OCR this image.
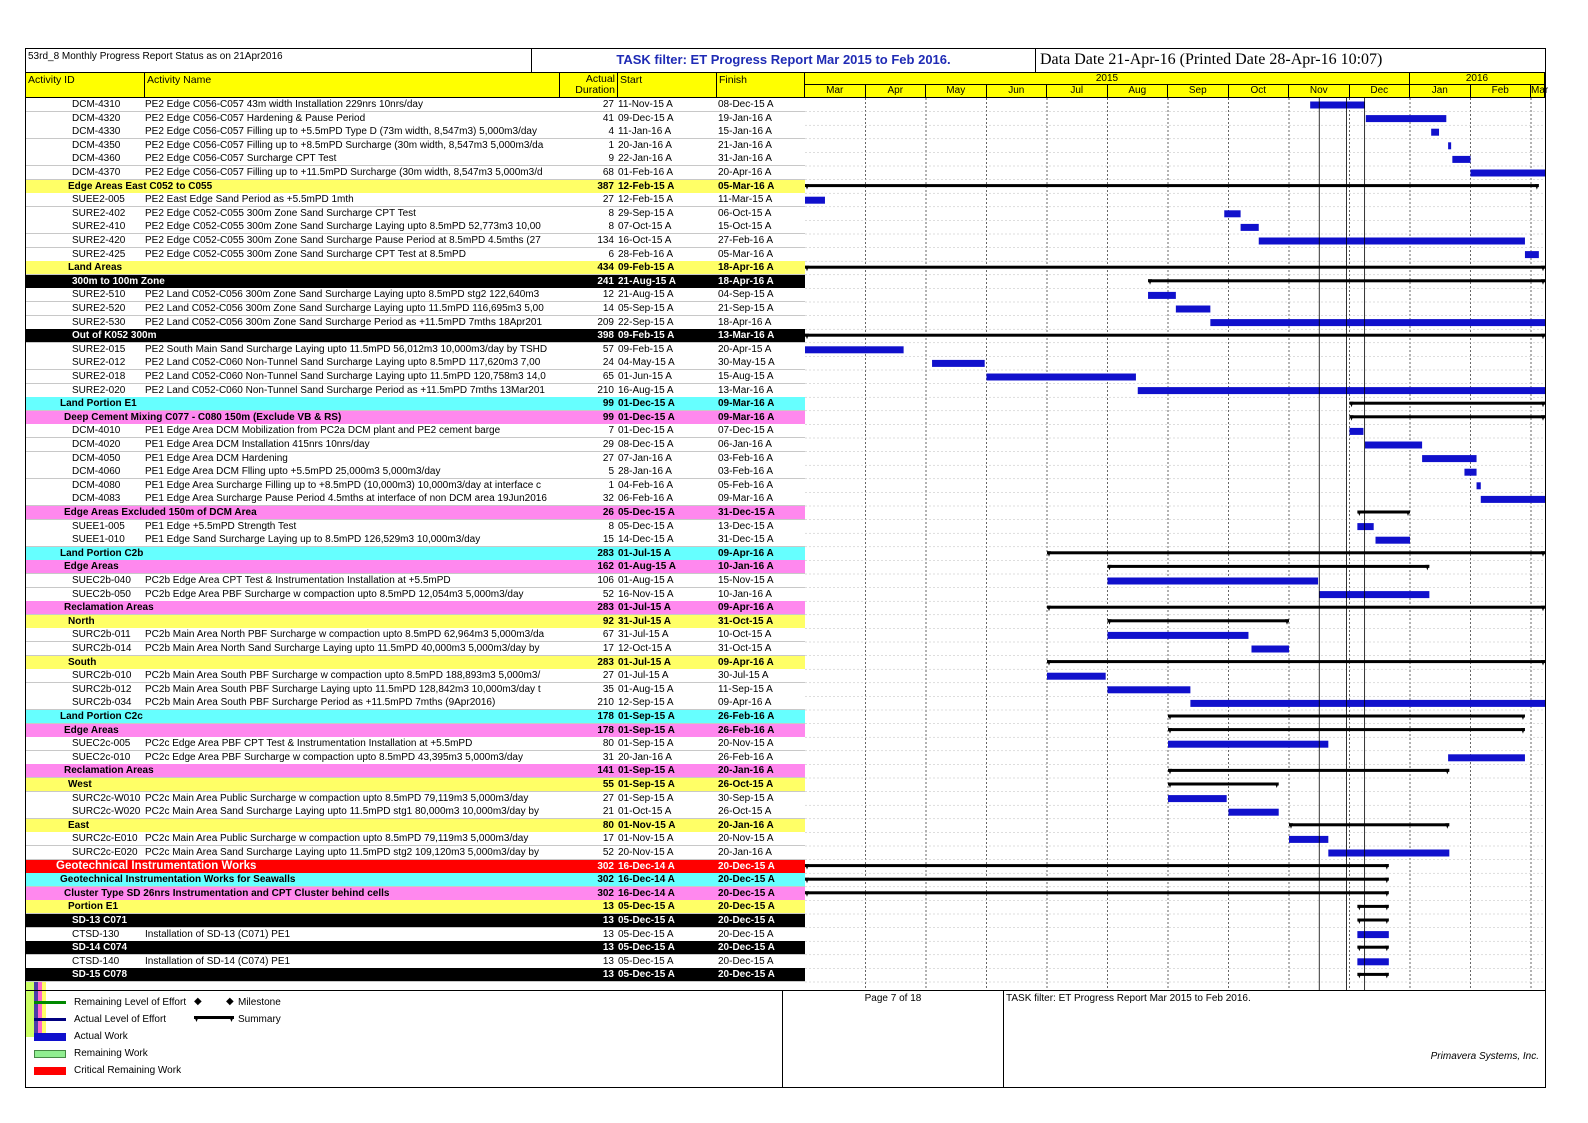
53rd_8 Monthly Progress Report Status as on 21Apr2016	TASK filter: ET Progress Report Mar 2015 to Feb 2016.	Data Date 21-Apr-16 (Printed Date 28-Apr-16 10:07)
Activity ID	Activity Name	Actual Duration
Start	Finish	2015	2016
Mar	Apr	May	Jun	Jul	Aug	Sep	Oct	Nov	Dec	Jan	Feb	Mar
DCM-4310	PE2 Edge C056-C057 43m width Installation 229nrs 10nrs/day	27 11-Nov-15 A	08-Dec-15 A
DCM-4320	PE2 Edge C056-C057 Hardening & Pause Period	41 09-Dec-15 A	19-Jan-16 A
DCM-4330	PE2 Edge C056-C057 Filling up to +5.5mPD Type D (73m width, 8,547m3) 5,000m3/day	4 11-Jan-16 A	15-Jan-16 A
DCM-4350	PE2 Edge C056-C057 Filling up to +8.5mPD Surcharge (30m width, 8,547m3 5,000m3/da	1 20-Jan-16 A	21-Jan-16 A
DCM-4360	PE2 Edge C056-C057 Surcharge CPT Test	9 22-Jan-16 A	31-Jan-16 A
DCM-4370	PE2 Edge C056-C057 Filling up to +11.5mPD Surcharge (30m width, 8,547m3 5,000m3/d	68 01-Feb-16 A	20-Apr-16 A
Edge Areas East C052 to C055	387 12-Feb-15 A	05-Mar-16 A
SUEE2-005	PE2 East Edge Sand Period as +5.5mPD 1mth	27 12-Feb-15 A	11-Mar-15 A
SURE2-402	PE2 Edge C052-C055 300m Zone Sand Surcharge CPT Test	8 29-Sep-15 A	06-Oct-15 A
SURE2-410	PE2 Edge C052-C055 300m Zone Sand Surcharge Laying upto 8.5mPD 52,773m3 10,00	8 07-Oct-15 A	15-Oct-15 A
SURE2-420	PE2 Edge C052-C055 300m Zone Sand Surcharge Pause Period at 8.5mPD 4.5mths (27	134 16-Oct-15 A	27-Feb-16 A
SURE2-425	PE2 Edge C052-C055 300m Zone Sand Surcharge CPT Test at 8.5mPD	6 28-Feb-16 A	05-Mar-16 A
Land Areas	434 09-Feb-15 A	18-Apr-16 A
300m to 100m Zone	241 21-Aug-15 A	18-Apr-16 A
SURE2-510	PE2 Land C052-C056 300m Zone Sand Surcharge Laying upto 8.5mPD stg2 122,640m3	12 21-Aug-15 A	04-Sep-15 A
SURE2-520	PE2 Land C052-C056 300m Zone Sand Surcharge Laying upto 11.5mPD 116,695m3 5,00	14 05-Sep-15 A	21-Sep-15 A
SURE2-530	PE2 Land C052-C056 300m Zone Sand Surcharge Period as +11.5mPD 7mths 18Apr201	209 22-Sep-15 A	18-Apr-16 A
Out of K052 300m	398 09-Feb-15 A	13-Mar-16 A
SURE2-015	PE2 South Main Sand Surcharge Laying upto 11.5mPD 56,012m3 10,000m3/day by TSHD	57 09-Feb-15 A	20-Apr-15 A
SURE2-012	PE2 Land C052-C060 Non-Tunnel Sand Surcharge Laying upto 8.5mPD 117,620m3 7,00	24 04-May-15 A	30-May-15 A
SURE2-018	PE2 Land C052-C060 Non-Tunnel Sand Surcharge Laying upto 11.5mPD 120,758m3 14,0	65 01-Jun-15 A	15-Aug-15 A
SURE2-020	PE2 Land C052-C060 Non-Tunnel Sand Surcharge Period as +11.5mPD 7mths 13Mar201	210 16-Aug-15 A	13-Mar-16 A
Land Portion E1	99 01-Dec-15 A	09-Mar-16 A
Deep Cement Mixing C077 - C080 150m (Exclude VB & RS)	99 01-Dec-15 A	09-Mar-16 A
DCM-4010	PE1 Edge Area DCM Mobilization from PC2a DCM plant and PE2 cement barge	7 01-Dec-15 A	07-Dec-15 A
DCM-4020	PE1 Edge Area DCM Installation 415nrs 10nrs/day	29 08-Dec-15 A	06-Jan-16 A
DCM-4050	PE1 Edge Area DCM Hardening	27 07-Jan-16 A	03-Feb-16 A
DCM-4060	PE1 Edge Area DCM Flling upto +5.5mPD 25,000m3 5,000m3/day	5 28-Jan-16 A	03-Feb-16 A
DCM-4080	PE1 Edge Area Surcharge Filling up to +8.5mPD (10,000m3) 10,000m3/day at interface c	1 04-Feb-16 A	05-Feb-16 A
DCM-4083	PE1 Edge Area Surcharge Pause Period 4.5mths at interface of non DCM area 19Jun2016	32 06-Feb-16 A	09-Mar-16 A
Edge Areas Excluded 150m of DCM Area	26 05-Dec-15 A	31-Dec-15 A
SUEE1-005	PE1 Edge +5.5mPD Strength Test	8 05-Dec-15 A	13-Dec-15 A
SUEE1-010	PE1 Edge Sand Surcharge Laying up to 8.5mPD 126,529m3 10,000m3/day	15 14-Dec-15 A	31-Dec-15 A
Land Portion C2b	283 01-Jul-15 A	09-Apr-16 A
Edge Areas	162 01-Aug-15 A	10-Jan-16 A
SUEC2b-040	PC2b Edge Area CPT Test & Instrumentation Installation at +5.5mPD	106 01-Aug-15 A	15-Nov-15 A
SUEC2b-050	PC2b Edge Area PBF Surcharge w compaction upto 8.5mPD 12,054m3 5,000m3/day	52 16-Nov-15 A	10-Jan-16 A
Reclamation Areas	283 01-Jul-15 A	09-Apr-16 A
North	92 31-Jul-15 A	31-Oct-15 A
SURC2b-011	PC2b Main Area North PBF Surcharge w compaction upto 8.5mPD 62,964m3 5,000m3/da	67 31-Jul-15 A	10-Oct-15 A
SURC2b-014	PC2b Main Area North Sand Surcharge Laying upto 11.5mPD 40,000m3 5,000m3/day by	17 12-Oct-15 A	31-Oct-15 A
South	283 01-Jul-15 A	09-Apr-16 A
SURC2b-010	PC2b Main Area South PBF Surcharge w compaction upto 8.5mPD 188,893m3 5,000m3/	27 01-Jul-15 A	30-Jul-15 A
SURC2b-012	PC2b Main Area South PBF Surcharge Laying upto 11.5mPD 128,842m3 10,000m3/day t	35 01-Aug-15 A	11-Sep-15 A
SURC2b-034	PC2b Main Area South PBF Surcharge Period as +11.5mPD 7mths (9Apr2016)	210 12-Sep-15 A	09-Apr-16 A
Land Portion C2c	178 01-Sep-15 A	26-Feb-16 A
Edge Areas	178 01-Sep-15 A	26-Feb-16 A
SUEC2c-005	PC2c Edge Area PBF CPT Test & Instrumentation Installation at +5.5mPD	80 01-Sep-15 A	20-Nov-15 A
SUEC2c-010	PC2c Edge Area PBF Surcharge w compaction upto 8.5mPD 43,395m3 5,000m3/day	31 20-Jan-16 A	26-Feb-16 A
Reclamation Areas	141 01-Sep-15 A	20-Jan-16 A
West	55 01-Sep-15 A	26-Oct-15 A
SURC2c-W010 PC2c Main Area Public Surcharge w compaction upto 8.5mPD 79,119m3 5,000m3/day	27 01-Sep-15 A	30-Sep-15 A
SURC2c-W020 PC2c Main Area Sand Surcharge Laying upto 11.5mPD stg1 80,000m3 10,000m3/day by	21 01-Oct-15 A	26-Oct-15 A
East	80 01-Nov-15 A	20-Jan-16 A
SURC2c-E010 PC2c Main Area Public Surcharge w compaction upto 8.5mPD 79,119m3 5,000m3/day	17 01-Nov-15 A	20-Nov-15 A
SURC2c-E020 PC2c Main Area Sand Surcharge Laying upto 11.5mPD stg2 109,120m3 5,000m3/day by	52 20-Nov-15 A	20-Jan-16 A
Geotechnical Instrumentation Works	302 16-Dec-14 A	20-Dec-15 A
Geotechnical Instrumentation Works for Seawalls	302 16-Dec-14 A	20-Dec-15 A
Cluster Type SD 26nrs Instrumentation and CPT Cluster behind cells	302 16-Dec-14 A	20-Dec-15 A
Portion E1	13 05-Dec-15 A	20-Dec-15 A
SD-13 C071	13 05-Dec-15 A	20-Dec-15 A
CTSD-130	Installation of SD-13 (C071) PE1	13 05-Dec-15 A	20-Dec-15 A
SD-14 C074	13 05-Dec-15 A	20-Dec-15 A
CTSD-140	Installation of SD-14 (C074) PE1	13 05-Dec-15 A	20-Dec-15 A
SD-15 C078	13 05-Dec-15 A	20-Dec-15 A
Remaining Level of Effort ◆ ◆ Milestone
Actual Level of Effort	Summary
Actual Work
Remaining Work
Critical Remaining Work
Page 7 of 18	TASK filter: ET Progress Report Mar 2015 to Feb 2016.
Primavera Systems, Inc.
